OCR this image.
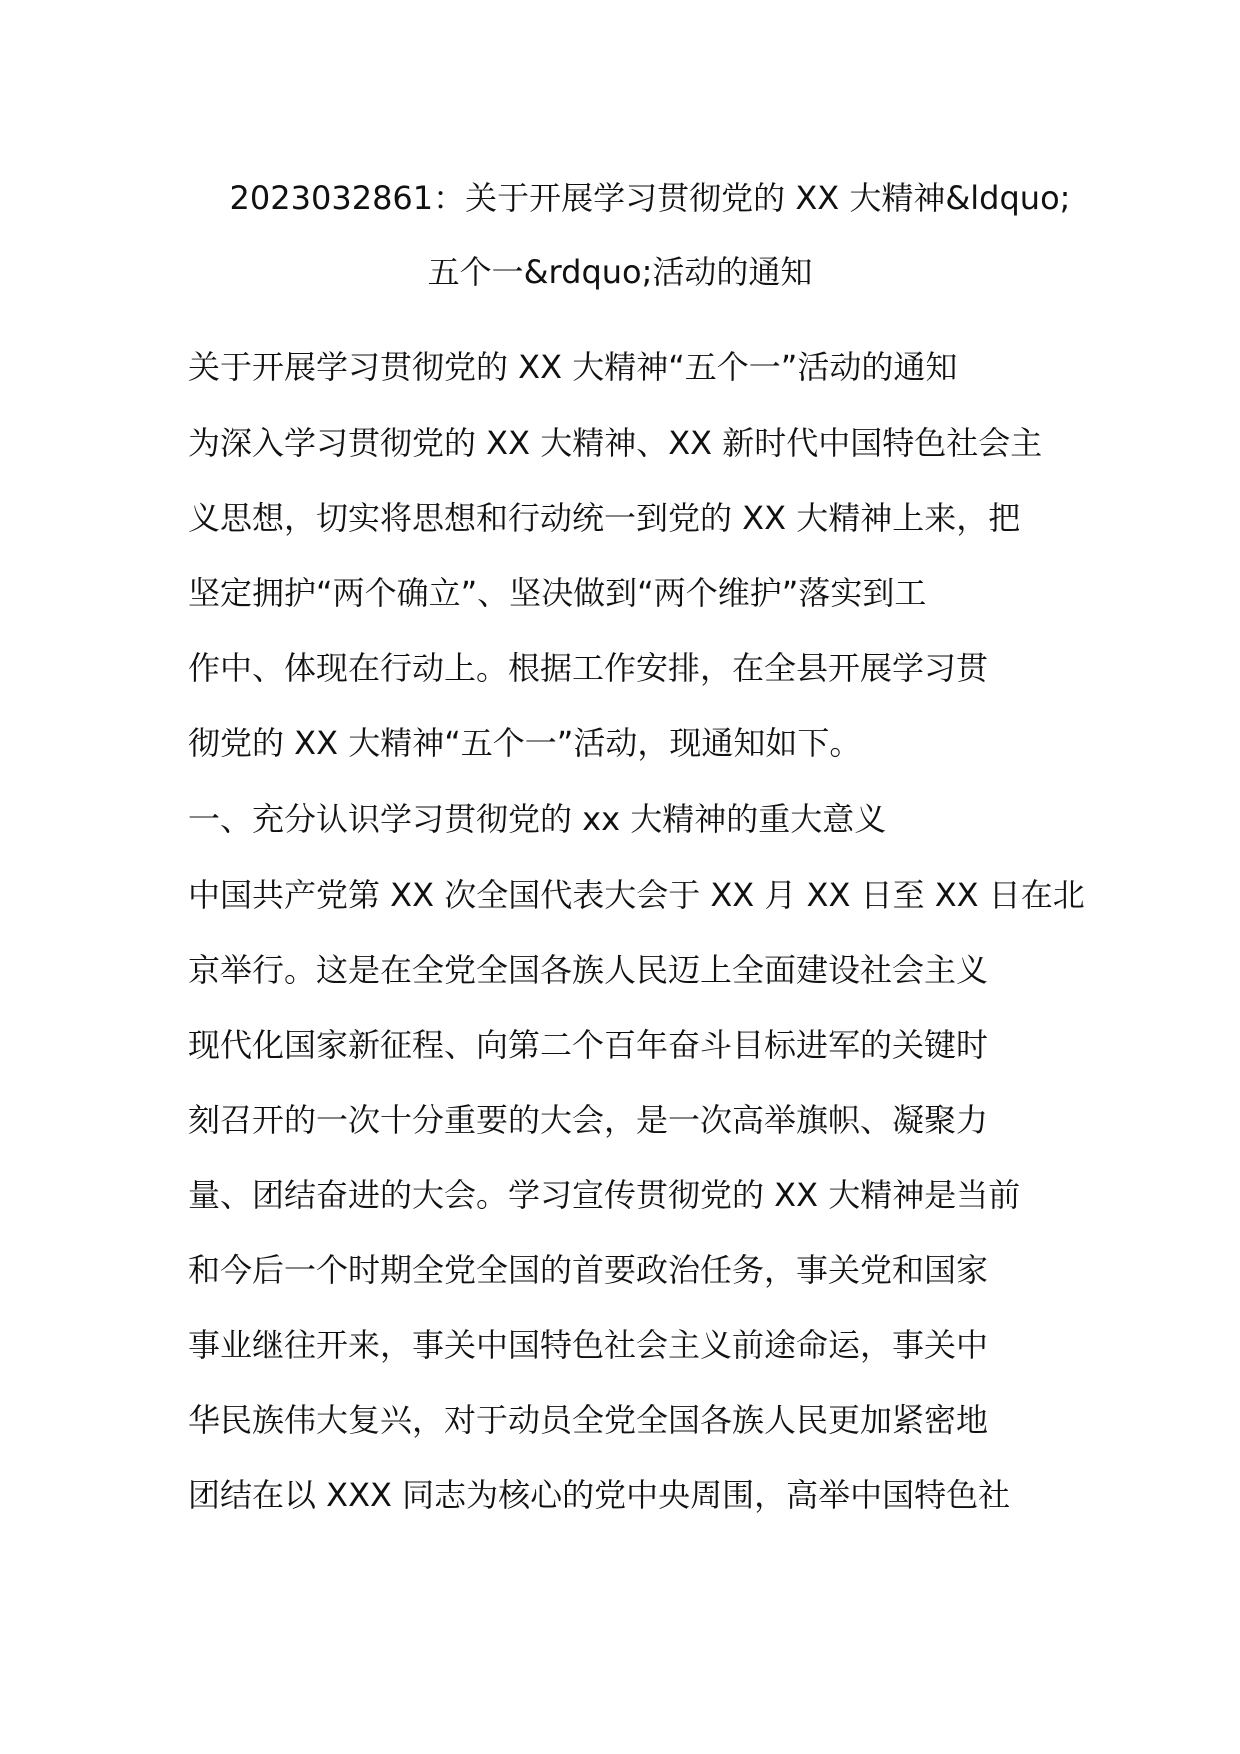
2023032861：关于开展学习贯彻党的 XX 大精神&ldquo;
五个一&rdquo;活动的通知
关于开展学习贯彻党的 XX 大精神“五个一”活动的通知
为深入学习贯彻党的 XX 大精神、XX 新时代中国特色社会主
义思想，切实将思想和行动统一到党的 XX 大精神上来，把
坚定拥护“两个确立”、坚决做到“两个维护”落实到工
作中、体现在行动上。根据工作安排，在全县开展学习贯
彻党的 XX 大精神“五个一”活动，现通知如下。
一、充分认识学习贯彻党的 xx 大精神的重大意义
中国共产党第 XX 次全国代表大会于 XX 月 XX 日至 XX 日在北
京举行。这是在全党全国各族人民迈上全面建设社会主义
现代化国家新征程、向第二个百年奋斗目标进军的关键时
刻召开的一次十分重要的大会，是一次高举旗帜、凝聚力
量、团结奋进的大会。学习宣传贯彻党的 XX 大精神是当前
和今后一个时期全党全国的首要政治任务，事关党和国家
事业继往开来，事关中国特色社会主义前途命运，事关中
华民族伟大复兴，对于动员全党全国各族人民更加紧密地
团结在以 XXX 同志为核心的党中央周围，高举中国特色社
